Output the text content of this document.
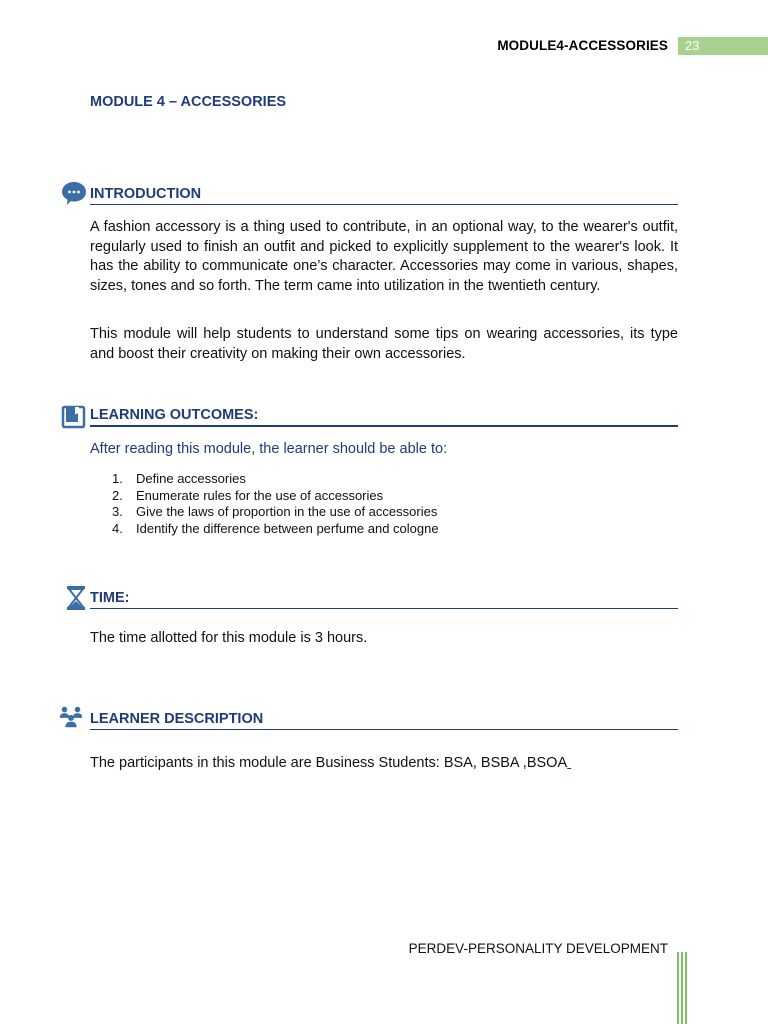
MODULE4-ACCESSORIES	23
MODULE 4 – ACCESSORIES
INTRODUCTION
A fashion accessory is a thing used to contribute, in an optional way, to the wearer's outfit, regularly used to finish an outfit and picked to explicitly supplement to the wearer's look. It has the ability to communicate one’s character. Accessories may come in various, shapes, sizes, tones and so forth. The term came into utilization in the twentieth century.
This module will help students to understand some tips on wearing accessories, its type and boost their creativity on making their own accessories.
LEARNING OUTCOMES:
After reading this module, the learner should be able to:
1. Define accessories
2. Enumerate rules for the use of accessories
3. Give the laws of proportion in the use of accessories
4. Identify the difference between perfume and cologne
TIME:
The time allotted for this module is 3 hours.
LEARNER DESCRIPTION
The participants in this module are Business Students: BSA, BSBA ,BSOA
PERDEV-PERSONALITY DEVELOPMENT
